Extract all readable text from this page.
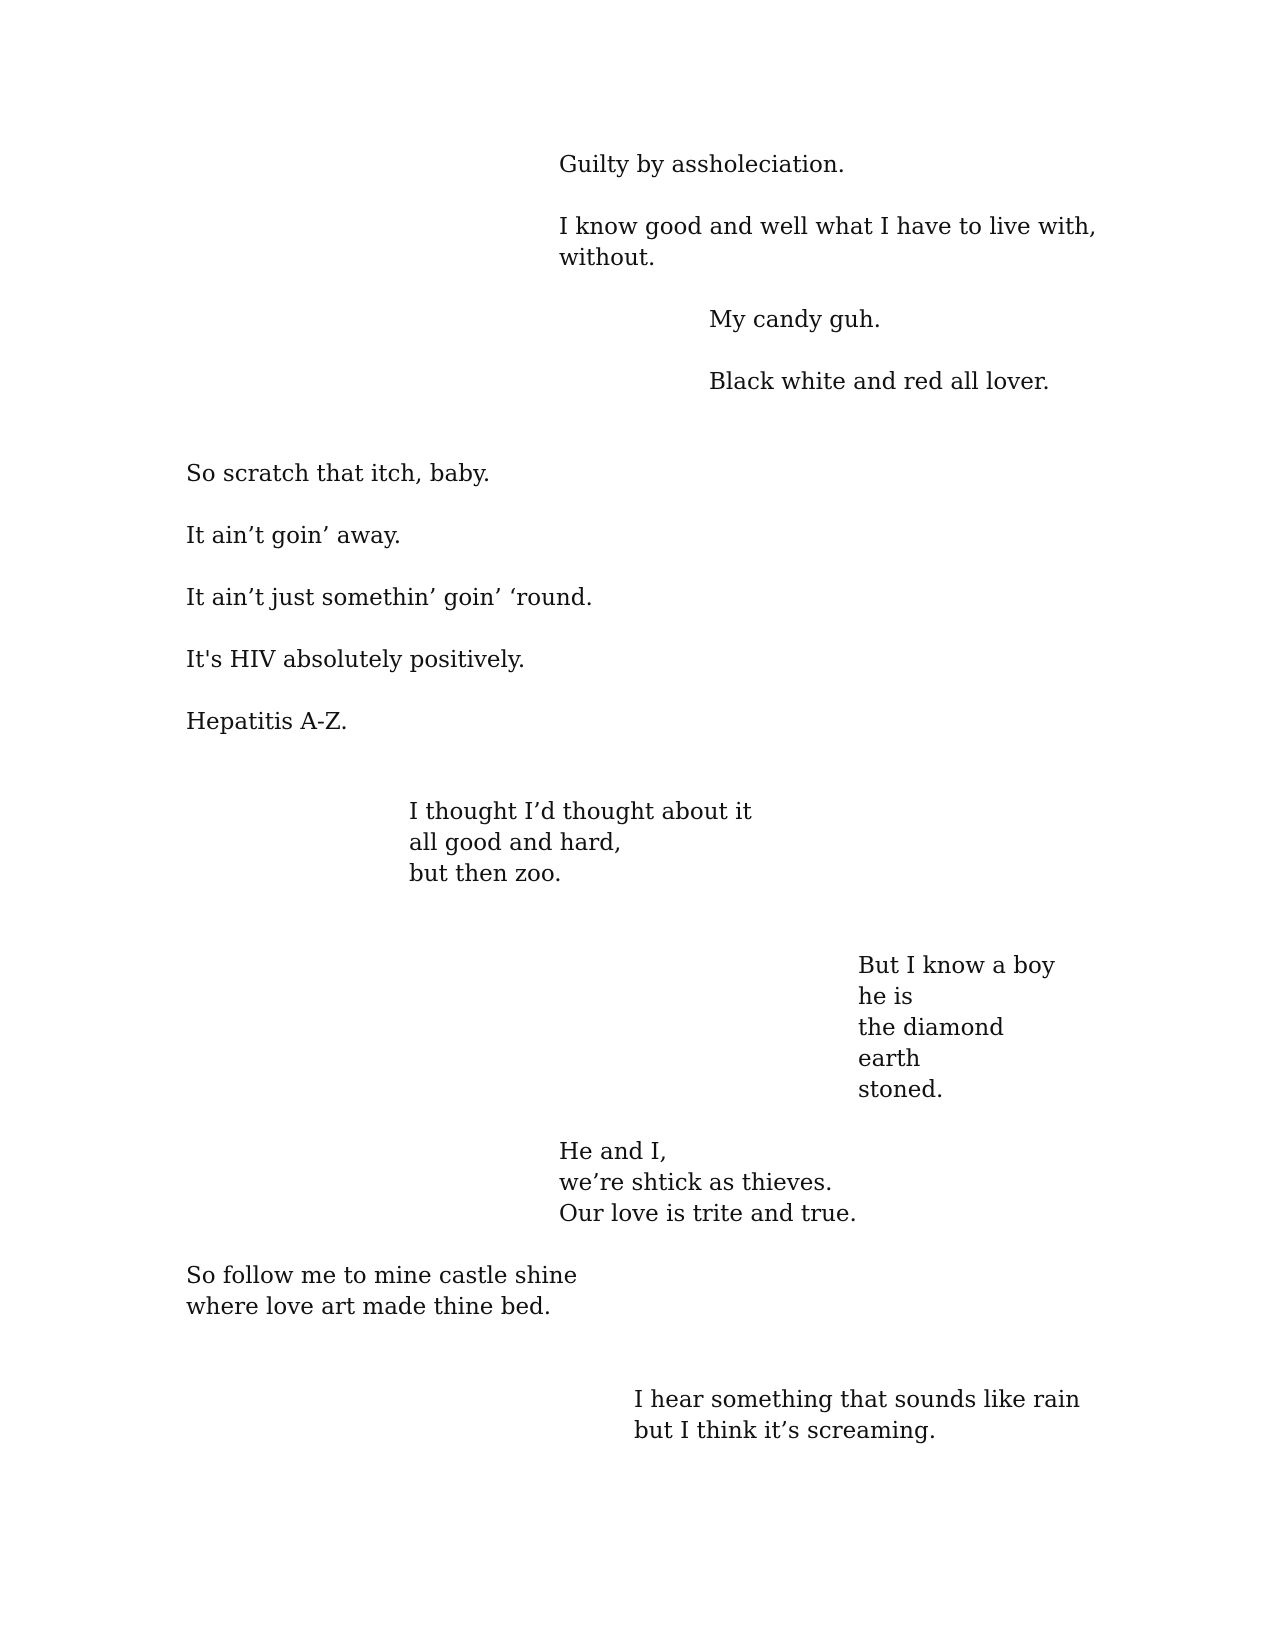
Guilty by assholeciation.
I know good and well what I have to live with,
without.
My candy guh.
Black white and red all lover.
So scratch that itch, baby.
It ain’t goin’ away.
It ain’t just somethin’ goin’ ‘round.
It's HIV absolutely positively.
Hepatitis A-Z.
I thought I’d thought about it
all good and hard,
but then zoo.
But I know a boy
he is
the diamond
earth
stoned.
He and I,
we’re shtick as thieves.
Our love is trite and true.
So follow me to mine castle shine
where love art made thine bed.
I hear something that sounds like rain
but I think it’s screaming.
